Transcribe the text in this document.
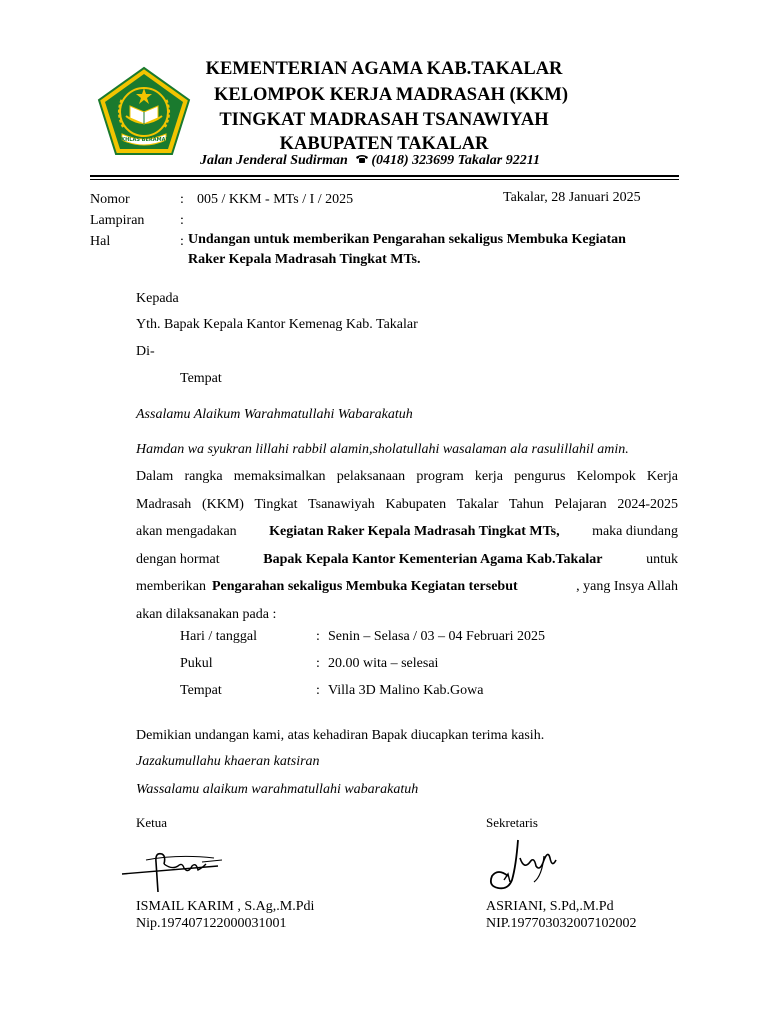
IKHLAS BERAMAL
KEMENTERIAN AGAMA KAB.TAKALAR
KELOMPOK KERJA MADRASAH (KKM)
TINGKAT MADRASAH TSANAWIYAH
KABUPATEN TAKALAR
Jalan Jenderal Sudirman (0418) 323699 Takalar 92211
Nomor	: 005 / KKM - MTs / I / 2025	Takalar, 28 Januari 2025
Lampiran	:
Hal	: Undangan untuk memberikan Pengarahan sekaligus Membuka Kegiatan
Raker Kepala Madrasah Tingkat MTs.
Kepada
Yth. Bapak Kepala Kantor Kemenag Kab. Takalar
Di-
Tempat
Assalamu Alaikum Warahmatullahi Wabarakatuh
Hamdan wa syukran lillahi rabbil alamin,sholatullahi wasalaman ala rasulillahil amin.
Dalam rangka memaksimalkan pelaksanaan program kerja pengurus Kelompok Kerja
Madrasah (KKM) Tingkat Tsanawiyah Kabupaten Takalar Tahun Pelajaran 2024-2025
akan mengadakan Kegiatan Raker Kepala Madrasah Tingkat MTs, maka diundang
dengan hormat	Bapak Kepala Kantor Kementerian Agama Kab.Takalar	untuk
memberikan Pengarahan sekaligus Membuka Kegiatan tersebut	, yang Insya Allah
akan dilaksanakan pada :
Hari / tanggal	: Senin – Selasa / 03 – 04 Februari 2025
Pukul	: 20.00 wita – selesai
Tempat	: Villa 3D Malino Kab.Gowa
Demikian undangan kami, atas kehadiran Bapak diucapkan terima kasih.
Jazakumullahu khaeran katsiran
Wassalamu alaikum warahmatullahi wabarakatuh
Ketua	Sekretaris
ISMAIL KARIM , S.Ag,.M.Pdi
Nip.197407122000031001
ASRIANI, S.Pd,.M.Pd
NIP.197703032007102002
